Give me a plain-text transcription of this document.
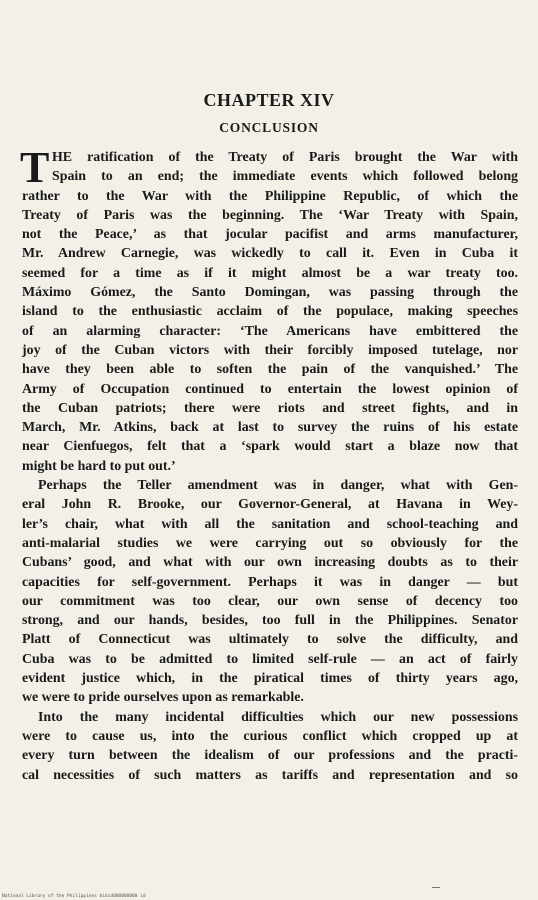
CHAPTER XIV
CONCLUSION
T HE ratification of the Treaty of Paris brought the War with
Spain to an end; the immediate events which followed belong
rather to the War with the Philippine Republic, of which the
Treaty of Paris was the beginning. The ‘War Treaty with Spain,
not the Peace,’ as that jocular pacifist and arms manufacturer,
Mr. Andrew Carnegie, was wickedly to call it. Even in Cuba it
seemed for a time as if it might almost be a war treaty too.
Máximo Gómez, the Santo Domingan, was passing through the
island to the enthusiastic acclaim of the populace, making speeches
of an alarming character: ‘The Americans have embittered the
joy of the Cuban victors with their forcibly imposed tutelage, nor
have they been able to soften the pain of the vanquished.’ The
Army of Occupation continued to entertain the lowest opinion of
the Cuban patriots; there were riots and street fights, and in
March, Mr. Atkins, back at last to survey the ruins of his estate
near Cienfuegos, felt that a ‘spark would start a blaze now that
might be hard to put out.’
Perhaps the Teller amendment was in danger, what with Gen-
eral John R. Brooke, our Governor-General, at Havana in Wey-
ler’s chair, what with all the sanitation and school-teaching and
anti-malarial studies we were carrying out so obviously for the
Cubans’ good, and what with our own increasing doubts as to their
capacities for self-government. Perhaps it was in danger — but
our commitment was too clear, our own sense of decency too
strong, and our hands, besides, too full in the Philippines. Senator
Platt of Connecticut was ultimately to solve the difficulty, and
Cuba was to be admitted to limited self-rule — an act of fairly
evident justice which, in the piratical times of thirty years ago,
we were to pride ourselves upon as remarkable.
Into the many incidental difficulties which our new possessions
were to cause us, into the curious conflict which cropped up at
every turn between the idealism of our professions and the practi-
cal necessities of such matters as tariffs and representation and so
National Library of the Philippines bibid000000000 id
